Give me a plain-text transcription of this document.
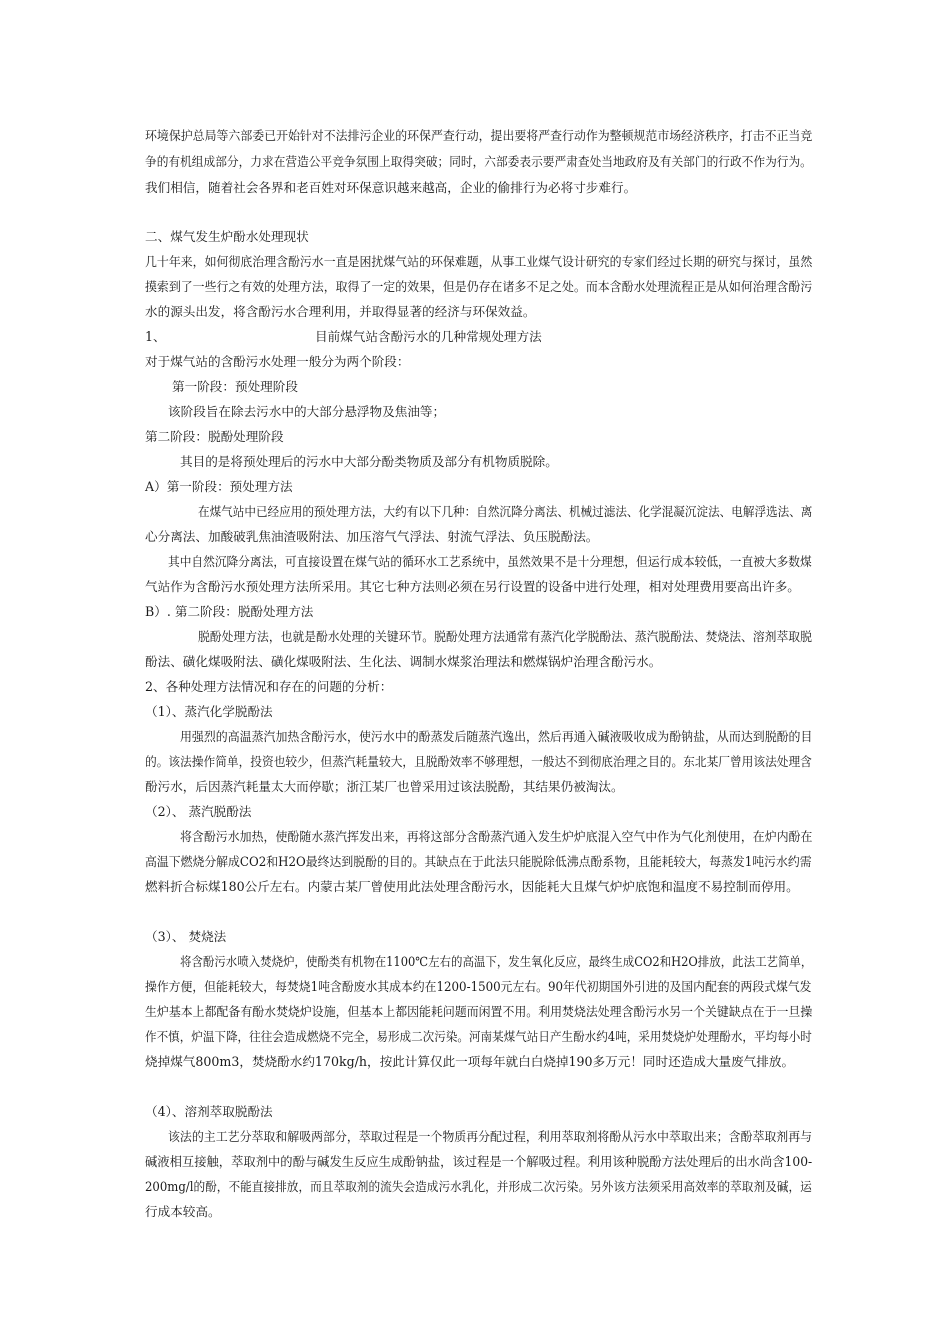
环境保护总局等六部委已开始针对不法排污企业的环保严查行动，提出要将严查行动作为整顿规范市场经济秩序，打击不正当竞
争的有机组成部分，力求在营造公平竞争氛围上取得突破；同时，六部委表示要严肃查处当地政府及有关部门的行政不作为行为。
我们相信，随着社会各界和老百姓对环保意识越来越高，企业的偷排行为必将寸步难行。
二、煤气发生炉酚水处理现状
几十年来，如何彻底治理含酚污水一直是困扰煤气站的环保难题，从事工业煤气设计研究的专家们经过长期的研究与探讨，虽然
摸索到了一些行之有效的处理方法，取得了一定的效果，但是仍存在诸多不足之处。而本含酚水处理流程正是从如何治理含酚污
水的源头出发，将含酚污水合理利用，并取得显著的经济与环保效益。
1、	目前煤气站含酚污水的几种常规处理方法
对于煤气站的含酚污水处理一般分为两个阶段：
第一阶段：预处理阶段
该阶段旨在除去污水中的大部分悬浮物及焦油等；
第二阶段：脱酚处理阶段
其目的是将预处理后的污水中大部分酚类物质及部分有机物质脱除。
A）第一阶段：预处理方法
在煤气站中已经应用的预处理方法，大约有以下几种：自然沉降分离法、机械过滤法、化学混凝沉淀法、电解浮选法、离
心分离法、加酸破乳焦油渣吸附法、加压溶气气浮法、射流气浮法、负压脱酚法。
其中自然沉降分离法，可直接设置在煤气站的循环水工艺系统中，虽然效果不是十分理想，但运行成本较低，一直被大多数煤
气站作为含酚污水预处理方法所采用。其它七种方法则必须在另行设置的设备中进行处理，相对处理费用要高出许多。
B）. 第二阶段：脱酚处理方法
脱酚处理方法，也就是酚水处理的关键环节。脱酚处理方法通常有蒸汽化学脱酚法、蒸汽脱酚法、焚烧法、溶剂萃取脱
酚法、磺化煤吸附法、磺化煤吸附法、生化法、调制水煤浆治理法和燃煤锅炉治理含酚污水。
2、各种处理方法情况和存在的问题的分析：
（1）、蒸汽化学脱酚法
用强烈的高温蒸汽加热含酚污水，使污水中的酚蒸发后随蒸汽逸出，然后再通入碱液吸收成为酚钠盐，从而达到脱酚的目
的。该法操作简单，投资也较少，但蒸汽耗量较大，且脱酚效率不够理想，一般达不到彻底治理之目的。东北某厂曾用该法处理含
酚污水，后因蒸汽耗量太大而停歇；浙江某厂也曾采用过该法脱酚，其结果仍被淘汰。
（2）、 蒸汽脱酚法
将含酚污水加热，使酚随水蒸汽挥发出来，再将这部分含酚蒸汽通入发生炉炉底混入空气中作为气化剂使用，在炉内酚在
高温下燃烧分解成CO2和H2O最终达到脱酚的目的。其缺点在于此法只能脱除低沸点酚系物，且能耗较大，每蒸发1吨污水约需
燃料折合标煤180公斤左右。内蒙古某厂曾使用此法处理含酚污水，因能耗大且煤气炉炉底饱和温度不易控制而停用。
（3）、 焚烧法
将含酚污水喷入焚烧炉，使酚类有机物在1100℃左右的高温下，发生氧化反应，最终生成CO2和H2O排放，此法工艺简单，
操作方便，但能耗较大，每焚烧1吨含酚废水其成本约在1200-1500元左右。90年代初期国外引进的及国内配套的两段式煤气发
生炉基本上都配备有酚水焚烧炉设施，但基本上都因能耗问题而闲置不用。利用焚烧法处理含酚污水另一个关键缺点在于一旦操
作不慎，炉温下降，往往会造成燃烧不完全，易形成二次污染。河南某煤气站日产生酚水约4吨，采用焚烧炉处理酚水，平均每小时
烧掉煤气800m3，焚烧酚水约170kg/h，按此计算仅此一项每年就白白烧掉190多万元！同时还造成大量废气排放。
（4）、溶剂萃取脱酚法
该法的主工艺分萃取和解吸两部分，萃取过程是一个物质再分配过程，利用萃取剂将酚从污水中萃取出来；含酚萃取剂再与
碱液相互接触，萃取剂中的酚与碱发生反应生成酚钠盐，该过程是一个解吸过程。利用该种脱酚方法处理后的出水尚含100-
200mg/l的酚，不能直接排放，而且萃取剂的流失会造成污水乳化，并形成二次污染。另外该方法须采用高效率的萃取剂及碱，运
行成本较高。
